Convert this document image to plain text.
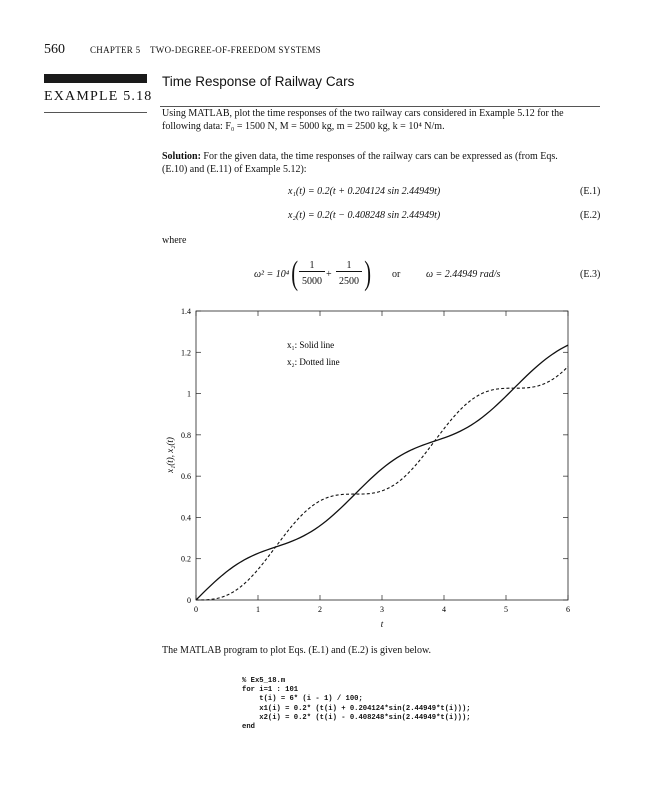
560	CHAPTER 5 TWO-DEGREE-OF-FREEDOM SYSTEMS
EXAMPLE 5.18
Time Response of Railway Cars
Using MATLAB, plot the time responses of the two railway cars considered in Example 5.12 for the
following data: F₀ = 1500 N, M = 5000 kg, m = 2500 kg, k = 10⁴ N/m.
Solution: For the given data, the time responses of the railway cars can be expressed as (from Eqs.
(E.10) and (E.11) of Example 5.12):
x₁(t) = 0.2(t + 0.204124 sin 2.44949t)	(E.1)
x₂(t) = 0.2(t − 0.408248 sin 2.44949t)	(E.2)
where
ω² = 10⁴ (	1
5000
+
1
2500 ) or	ω = 2.44949 rad/s	(E.3)
0	1	2	3	4	5	6
0
0.2
0.4
0.6
0.8
1
1.2
1.4
x₁(t), x₂(t)
t
x₁: Solid line
x₂: Dotted line
The MATLAB program to plot Eqs. (E.1) and (E.2) is given below.
% Ex5_18.m
for i=1 : 101
t(i) = 6* (i - 1) / 100;
x1(i) = 0.2* (t(i) + 0.204124*sin(2.44949*t(i)));
x2(i) = 0.2* (t(i) - 0.408248*sin(2.44949*t(i)));
end
